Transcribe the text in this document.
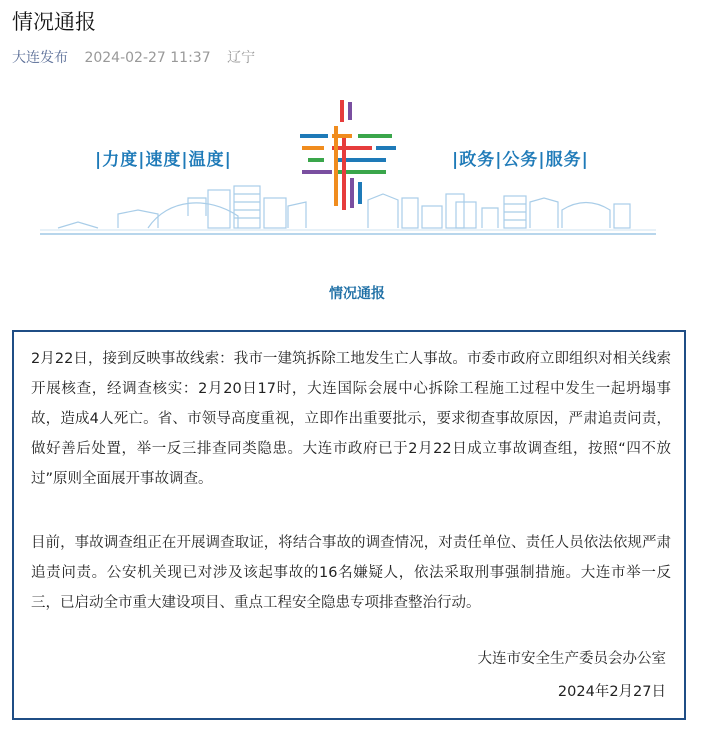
情况通报
大连发布 2024-02-27 11:37 辽宁
|力度|速度|温度|	|政务|公务|服务|
情况通报

2月22日，接到反映事故线索：我市一建筑拆除工地发生亡人事故。市委市政府立即组织对相关线索开展核查，经调查核实：2月20日17时，大连国际会展中心拆除工程施工过程中发生一起坍塌事故，造成4人死亡。省、市领导高度重视，立即作出重要批示，要求彻查事故原因，严肃追责问责，做好善后处置，举一反三排查同类隐患。大连市政府已于2月22日成立事故调查组，按照“四不放过”原则全面展开事故调查。

目前，事故调查组正在开展调查取证，将结合事故的调查情况，对责任单位、责任人员依法依规严肃追责问责。公安机关现已对涉及该起事故的16名嫌疑人，依法采取刑事强制措施。大连市举一反三，已启动全市重大建设项目、重点工程安全隐患专项排查整治行动。

大连市安全生产委员会办公室
2024年2月27日
